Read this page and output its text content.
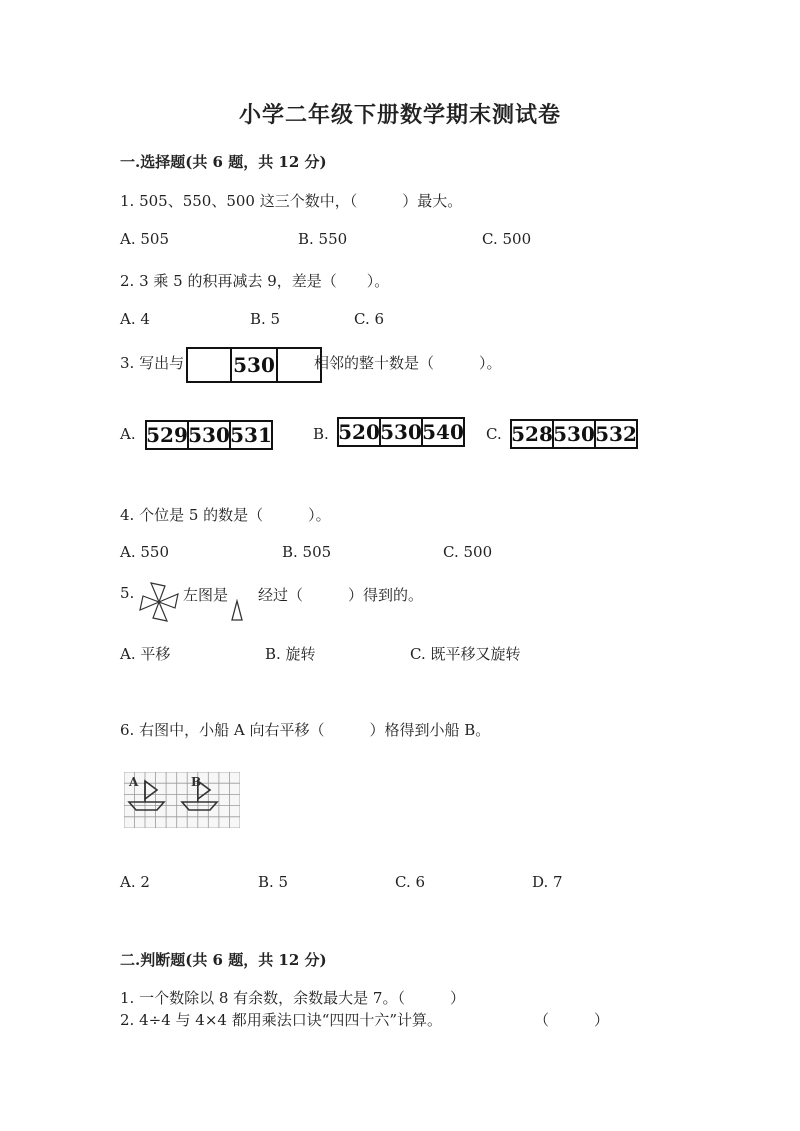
小学二年级下册数学期末测试卷
一.选择题(共 6 题，共 12 分)
1. 505、550、500 这三个数中，（　　　）最大。
A. 505	B. 550	C. 500
2. 3 乘 5 的积再减去 9，差是（　　）。
A. 4	B. 5	C. 6
3. 写出与 530	相邻的整十数是（　　　）。
A. 529 530 531	B. 520 530 540 C. 528 530 532
4. 个位是 5 的数是（　　　）。
A. 550	B. 505	C. 500
5.	左图是 经过（　　　）得到的。
A. 平移	B. 旋转	C. 既平移又旋转
6. 右图中，小船 A 向右平移（　　　）格得到小船 B。
A	B
A. 2	B. 5	C. 6	D. 7
二.判断题(共 6 题，共 12 分)
1. 一个数除以 8 有余数，余数最大是 7。（　　　）
2. 4÷4 与 4×4 都用乘法口诀“四四十六”计算。	（　　　）
